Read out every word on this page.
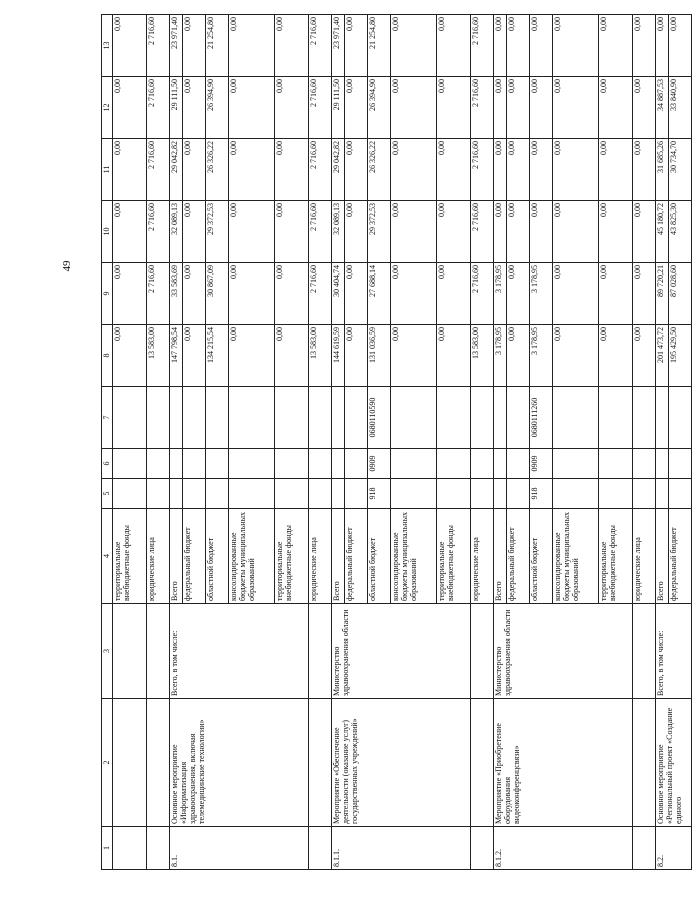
49
1	2	3	4	5	6	7	8	9	10	11	12	13
			территориальные внебюджетные фонды				0,00	0,00	0,00	0,00	0,00	0,00
			юридические лица				13 583,00	2 716,60	2 716,60	2 716,60	2 716,60	2 716,60
8.1.	Основное мероприятие «Информатизация здравоохранения, включая телемедицинские технологии»	Всего, в том числе:	Всего				147 798,54	33 583,69	32 089,13	29 042,82	29 111,50	23 971,40
			федеральный бюджет				0,00	0,00	0,00	0,00	0,00	0,00
			областной бюджет				134 215,54	30 867,09	29 372,53	26 326,22	26 394,90	21 254,80
			консолидированные бюджеты муниципальных образований				0,00	0,00	0,00	0,00	0,00	0,00
			территориальные внебюджетные фонды				0,00	0,00	0,00	0,00	0,00	0,00
			юридические лица				13 583,00	2 716,60	2 716,60	2 716,60	2 716,60	2 716,60
8.1.1.	Мероприятие «Обеспечение деятельности (оказание услуг) государственных учреждений»	Министерство здравоохранения области	Всего				144 619,59	30 404,74	32 089,13	29 042,82	29 111,50	23 971,40
			федеральный бюджет				0,00	0,00	0,00	0,00	0,00	0,00
			областной бюджет	918	0909	0680110590	131 036,59	27 688,14	29 372,53	26 326,22	26 394,90	21 254,80
			консолидированные бюджеты муниципальных образований				0,00	0,00	0,00	0,00	0,00	0,00
			территориальные внебюджетные фонды				0,00	0,00	0,00	0,00	0,00	0,00
			юридические лица				13 583,00	2 716,60	2 716,60	2 716,60	2 716,60	2 716,60
8.1.2.	Мероприятие «Приобретение оборудования видеоконференцсвязи»	Министерство здравоохранения области	Всего				3 178,95	3 178,95	0,00	0,00	0,00	0,00
			федеральный бюджет				0,00	0,00	0,00	0,00	0,00	0,00
			областной бюджет	918	0909	0680111260	3 178,95	3 178,95	0,00	0,00	0,00	0,00
			консолидированные бюджеты муниципальных образований				0,00	0,00	0,00	0,00	0,00	0,00
			территориальные внебюджетные фонды				0,00	0,00	0,00	0,00	0,00	0,00
			юридические лица				0,00	0,00	0,00	0,00	0,00	0,00
8.2.	Основное мероприятие «Региональный проект «Создание единого	Всего, в том числе:	Всего				201 473,72	89 720,21	45 180,72	31 685,26	34 887,53	0,00
			федеральный бюджет				195 429,50	87 028,60	43 825,30	30 734,70	33 840,90	0,00
